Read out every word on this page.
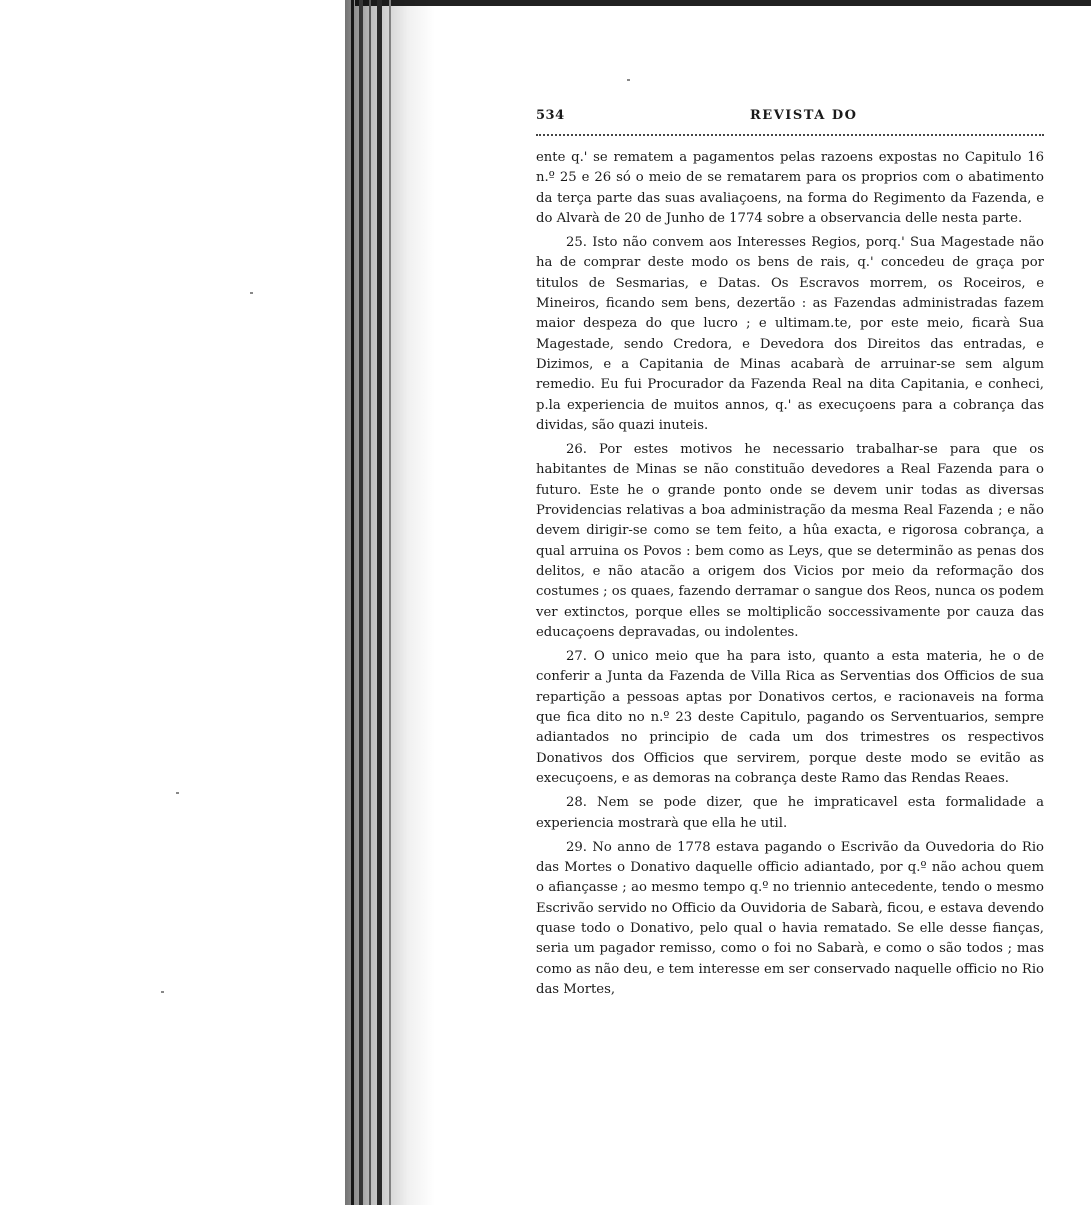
534	REVISTA DO

ente q.' se rematem a pagamentos pelas razoens expostas no Capitulo 16 n.º 25 e 26 só o meio de se rematarem para os proprios com o abatimento da terça parte das suas avaliaçoens, na forma do Regimento da Fazenda, e do Alvarà de 20 de Junho de 1774 sobre a observancia delle nesta parte.

25. Isto não convem aos Interesses Regios, porq.' Sua Magestade não ha de comprar deste modo os bens de rais, q.' concedeu de graça por titulos de Sesmarias, e Datas. Os Escravos morrem, os Roceiros, e Mineiros, ficando sem bens, dezertão : as Fazendas administradas fazem maior despeza do que lucro ; e ultimam.te, por este meio, ficarà Sua Magestade, sendo Credora, e Devedora dos Direitos das entradas, e Dizimos, e a Capitania de Minas acabarà de arruinar-se sem algum remedio. Eu fui Procurador da Fazenda Real na dita Capitania, e conheci, p.la experiencia de muitos annos, q.' as execuçoens para a cobrança das dividas, são quazi inuteis.

26. Por estes motivos he necessario trabalhar-se para que os habitantes de Minas se não constituão devedores a Real Fazenda para o futuro. Este he o grande ponto onde se devem unir todas as diversas Providencias relativas a boa administração da mesma Real Fazenda ; e não devem dirigir-se como se tem feito, a hûa exacta, e rigorosa cobrança, a qual arruina os Povos : bem como as Leys, que se determinão as penas dos delitos, e não atacão a origem dos Vicios por meio da reformação dos costumes ; os quaes, fazendo derramar o sangue dos Reos, nunca os podem ver extinctos, porque elles se moltiplicão soccessivamente por cauza das educaçoens depravadas, ou indolentes.

27. O unico meio que ha para isto, quanto a esta materia, he o de conferir a Junta da Fazenda de Villa Rica as Serventias dos Officios de sua repartição a pessoas aptas por Donativos certos, e racionaveis na forma que fica dito no n.º 23 deste Capitulo, pagando os Serventuarios, sempre adiantados no principio de cada um dos trimestres os respectivos Donativos dos Officios que servirem, porque deste modo se evitão as execuçoens, e as demoras na cobrança deste Ramo das Rendas Reaes.

28. Nem se pode dizer, que he impraticavel esta formalidade a experiencia mostrarà que ella he util.

29. No anno de 1778 estava pagando o Escrivão da Ouvedoria do Rio das Mortes o Donativo daquelle officio adiantado, por q.º não achou quem o afiançasse ; ao mesmo tempo q.º no triennio antecedente, tendo o mesmo Escrivão servido no Officio da Ouvidoria de Sabarà, ficou, e estava devendo quase todo o Donativo, pelo qual o havia rematado. Se elle desse fianças, seria um pagador remisso, como o foi no Sabarà, e como o são todos ; mas como as não deu, e tem interesse em ser conservado naquelle officio no Rio das Mortes,
